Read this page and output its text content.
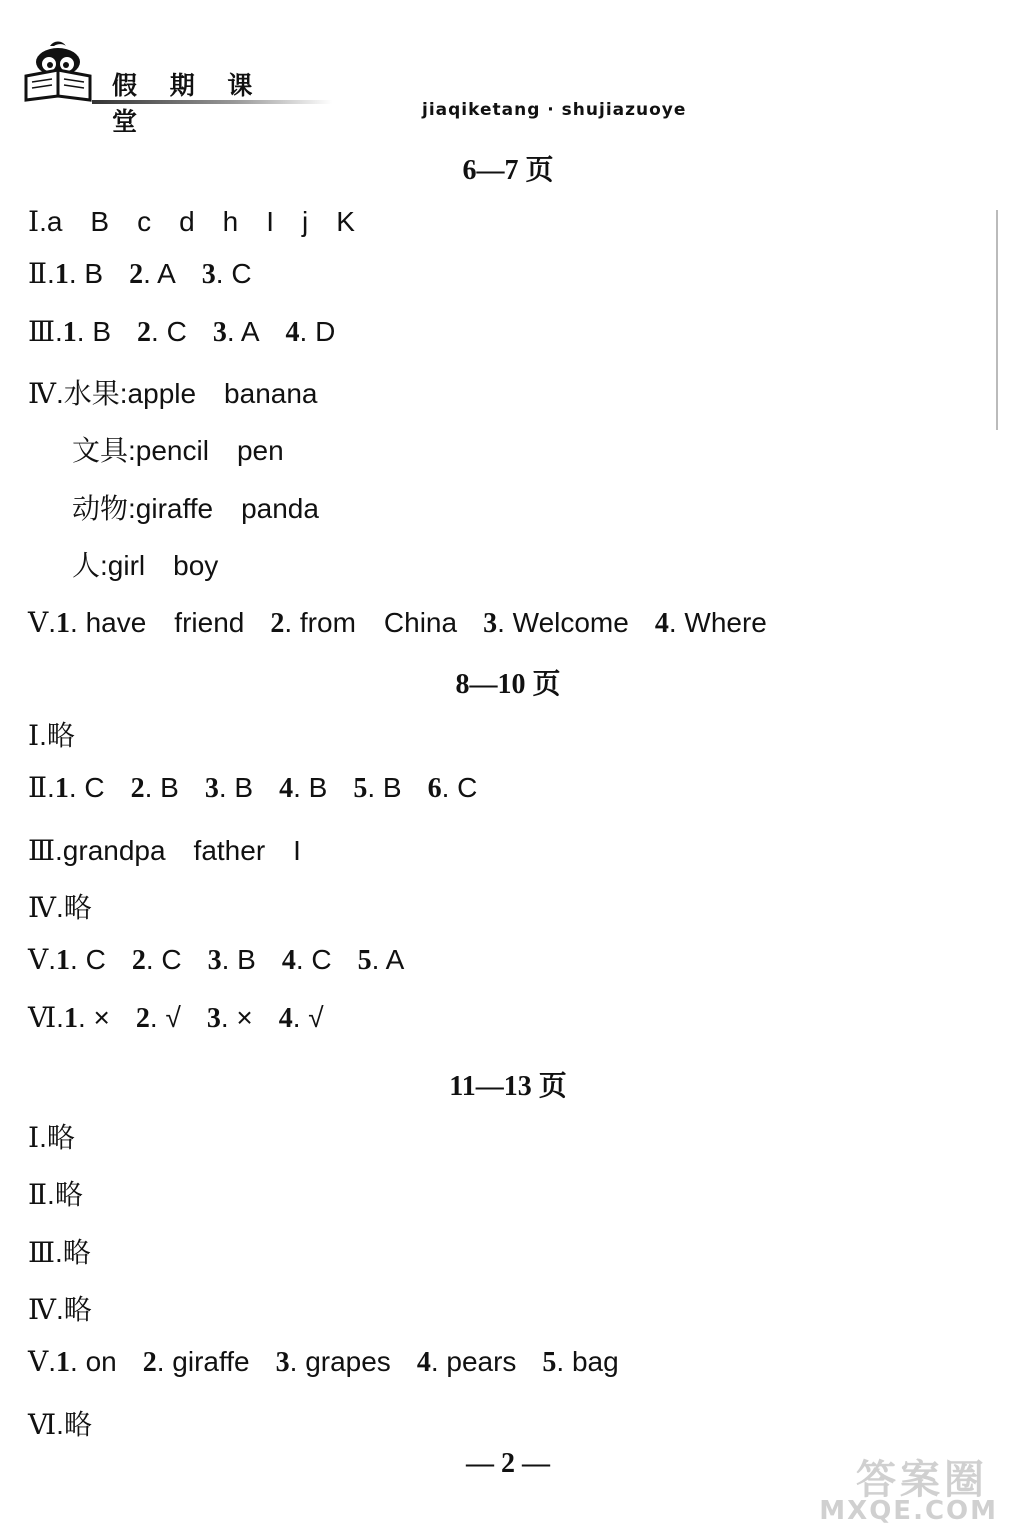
假 期 课 堂	jiaqiketang · shujiazuoye
6—7 页
Ⅰ.a　B　c　d　h　I　j　K
Ⅱ.1. B 2. A 3. C
Ⅲ.1. B 2. C 3. A 4. D
Ⅳ.水果:apple　banana
文具:pencil　pen
动物:giraffe　panda
人:girl　boy
Ⅴ.1. have　friend 2. from　China 3. Welcome 4. Where
8—10 页
Ⅰ.略
Ⅱ.1. C 2. B 3. B 4. B 5. B 6. C
Ⅲ.grandpa　father　I
Ⅳ.略
Ⅴ.1. C 2. C 3. B 4. C 5. A
Ⅵ.1. × 2. √ 3. × 4. √
11—13 页
Ⅰ.略
Ⅱ.略
Ⅲ.略
Ⅳ.略
Ⅴ.1. on 2. giraffe 3. grapes 4. pears 5. bag
Ⅵ.略
— 2 —	答案圈
MXQE.COM
